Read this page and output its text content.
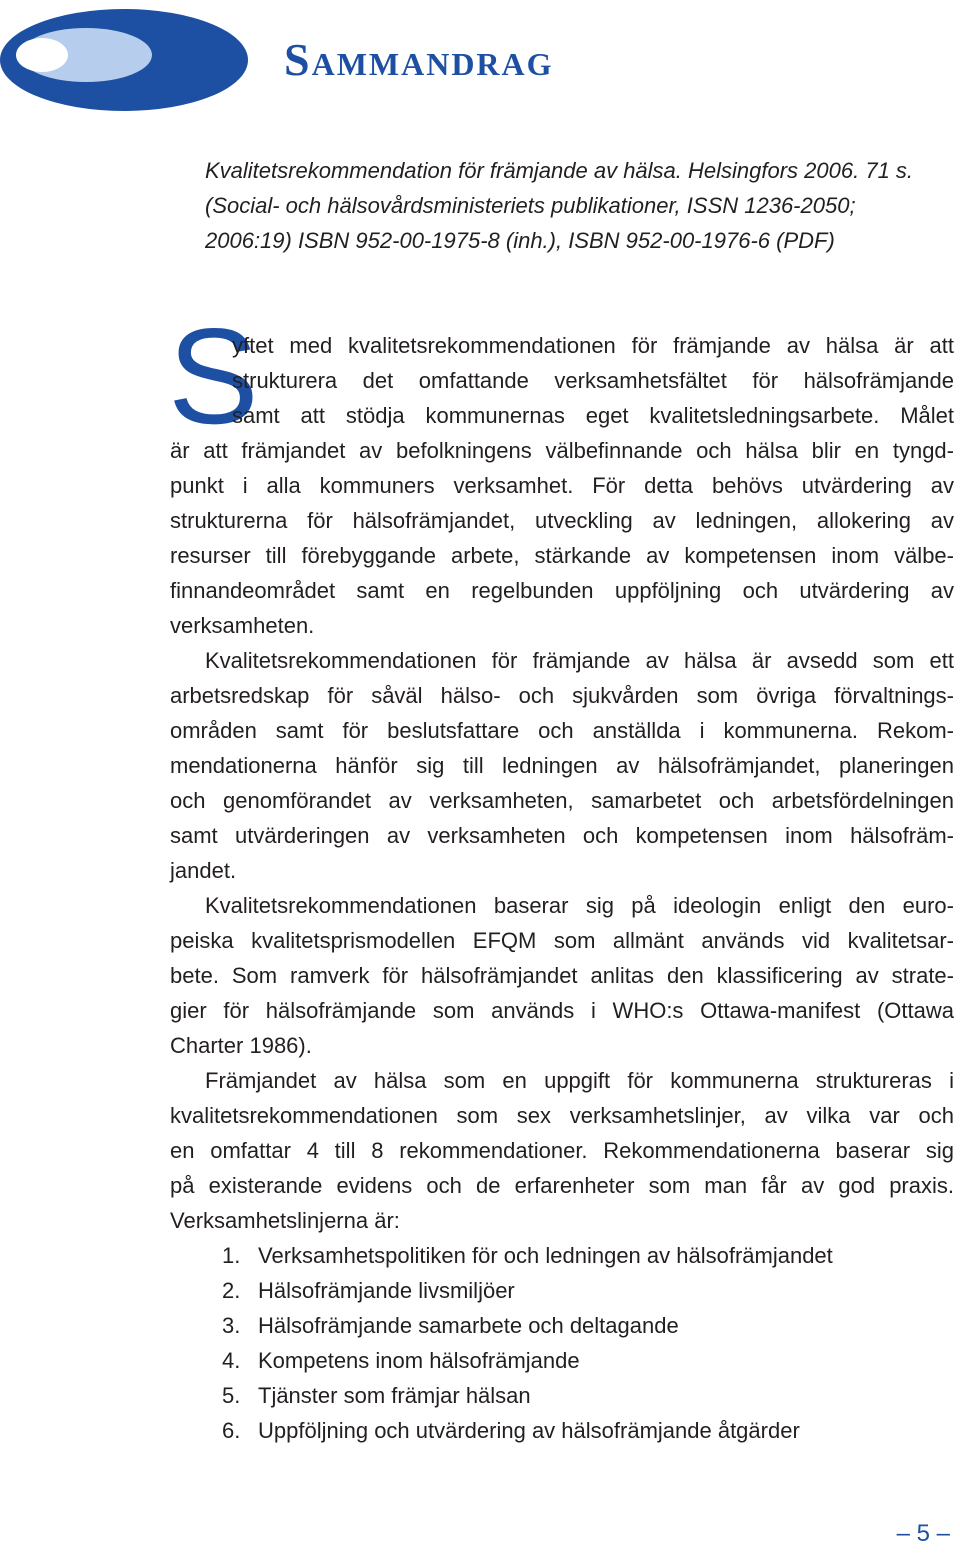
Sammandrag

Kvalitetsrekommendation för främjande av hälsa. Helsingfors 2006. 71 s.

(Social- och hälsovårdsministeriets publikationer, ISSN 1236-2050;

2006:19) ISBN 952-00-1975-8 (inh.), ISBN 952-00-1976-6 (PDF)

S

yftet med kvalitetsrekommendationen för främjande av hälsa är att

strukturera det omfattande verksamhetsfältet för hälsofrämjande

samt att stödja kommunernas eget kvalitetsledningsarbete. Målet

är att främjandet av befolkningens välbefinnande och hälsa blir en tyngd-

punkt i alla kommuners verksamhet. För detta behövs utvärdering av

strukturerna för hälsofrämjandet, utveckling av ledningen, allokering av

resurser till förebyggande arbete, stärkande av kompetensen inom välbe-

finnandeområdet samt en regelbunden uppföljning och utvärdering av

verksamheten.

Kvalitetsrekommendationen för främjande av hälsa är avsedd som ett

arbetsredskap för såväl hälso- och sjukvården som övriga förvaltnings-

områden samt för beslutsfattare och anställda i kommunerna. Rekom-

mendationerna hänför sig till ledningen av hälsofrämjandet, planeringen

och genomförandet av verksamheten, samarbetet och arbetsfördelningen

samt utvärderingen av verksamheten och kompetensen inom hälsofräm-

jandet.

Kvalitetsrekommendationen baserar sig på ideologin enligt den euro-

peiska kvalitetsprismodellen EFQM som allmänt används vid kvalitetsar-

bete. Som ramverk för hälsofrämjandet anlitas den klassificering av strate-

gier för hälsofrämjande som används i WHO:s Ottawa-manifest (Ottawa

Charter 1986).

Främjandet av hälsa som en uppgift för kommunerna struktureras i

kvalitetsrekommendationen som sex verksamhetslinjer, av vilka var och

en omfattar 4 till 8 rekommendationer. Rekommendationerna baserar sig

på existerande evidens och de erfarenheter som man får av god praxis.

Verksamhetslinjerna är:

1. Verksamhetspolitiken för och ledningen av hälsofrämjandet

2. Hälsofrämjande livsmiljöer

3. Hälsofrämjande samarbete och deltagande

4. Kompetens inom hälsofrämjande

5. Tjänster som främjar hälsan

6. Uppföljning och utvärdering av hälsofrämjande åtgärder

– 5 –
